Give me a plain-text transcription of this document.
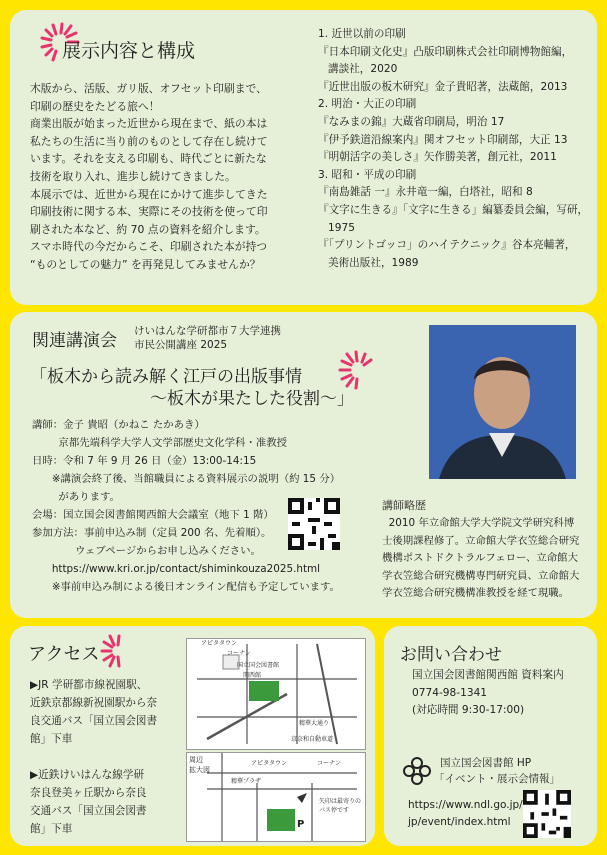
展示内容と構成
木版から、活版、ガリ版、オフセット印刷まで、
印刷の歴史をたどる旅へ！
商業出版が始まった近世から現在まで、紙の本は
私たちの生活に当り前のものとして存在し続けて
います。それを支える印刷も、時代ごとに新たな
技術を取り入れ、進歩し続けてきました。
本展示では、近世から現在にかけて進歩してきた
印刷技術に関する本、実際にその技術を使って印
刷された本など、約 70 点の資料を紹介します。
スマホ時代の今だからこそ、印刷された本が持つ
“ものとしての魅力” を再発見してみませんか？
1. 近世以前の印刷
『日本印刷文化史』凸版印刷株式会社印刷博物館編，
講談社，2020
『近世出版の板木研究』金子貴昭著，法蔵館，2013
2. 明治・大正の印刷
『なみまの錦』大蔵省印刷局，明治 17
『伊予鉄道沿線案内』関オフセット印刷部，大正 13
『明朝活字の美しさ』矢作勝美著，創元社，2011
3. 昭和・平成の印刷
『南島雑話 一』永井竜一編，白塔社，昭和 8
『文字に生きる』「文字に生きる」編纂委員会編，写研，
1975
『「プリントゴッコ」のハイテクニック』谷本亮輔著，
美術出版社，1989
関連講演会 けいはんな学研都市７大学連携
市民公開講座 2025
「板木から読み解く江戸の出版事情
〜板木が果たした役割〜」
講師：金子 貴昭（かねこ たかあき）
京都先端科学大学人文学部歴史文化学科・准教授
日時：令和 7 年 9 月 26 日（金）13:00-14:15
※講演会終了後、当館職員による資料展示の説明（約 15 分）
があります。
会場：国立国会図書館関西館大会議室（地下 1 階）
参加方法：事前申込み制（定員 200 名、先着順）。
ウェブページからお申し込みください。
https://www.kri.or.jp/contact/shiminkouza2025.html
※事前申込み制による後日オンライン配信も予定しています。
講師略歴
2010 年立命館大学大学院文学研究科博
士後期課程修了。立命館大学衣笠総合研究
機構ポストドクトラルフェロー、立命館大
学衣笠総合研究機構専門研究員、立命館大
学衣笠総合研究機構准教授を経て現職。
アクセス
▶JR 学研都市線祝園駅、
近鉄京都線新祝園駅から奈
良交通バス「国立国会図書
館」下車
▶近鉄けいはんな線学研
奈良登美ヶ丘駅から奈良
交通バス「国立国会図書
館」下車
アピタタウン
コーナン
国立国会図書館
関西館
京奈和自動車道
精華大通り
周辺
拡大図
アピタタウン	コーナン
精華プラザ
矢印は最寄りの
バス停です
P
お問い合わせ
国立国会図書館関西館 資料案内
0774-98-1341
(対応時間 9:30-17:00)
国立国会図書館 HP
「イベント・展示会情報」
https://www.ndl.go.jp/
jp/event/index.html
